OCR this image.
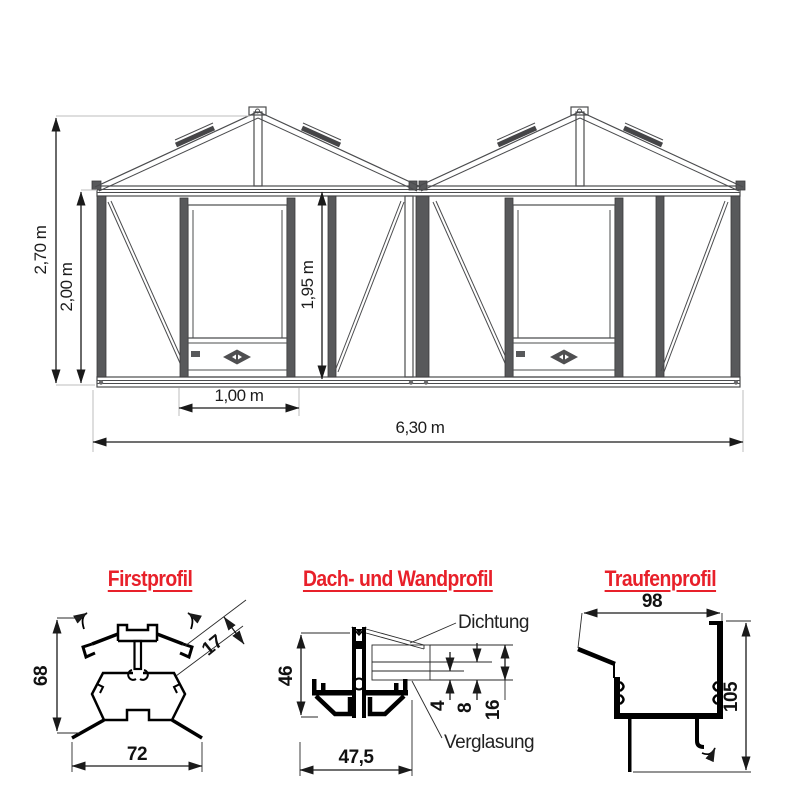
2,70 m
2,00 m	1,95 m
1,00 m
6,30 m
Firstprofil	Dach- und Wandprofil	Traufenprofil
68
72
17
46
47,5
4 8 16
Dichtung
Verglasung
98
105
